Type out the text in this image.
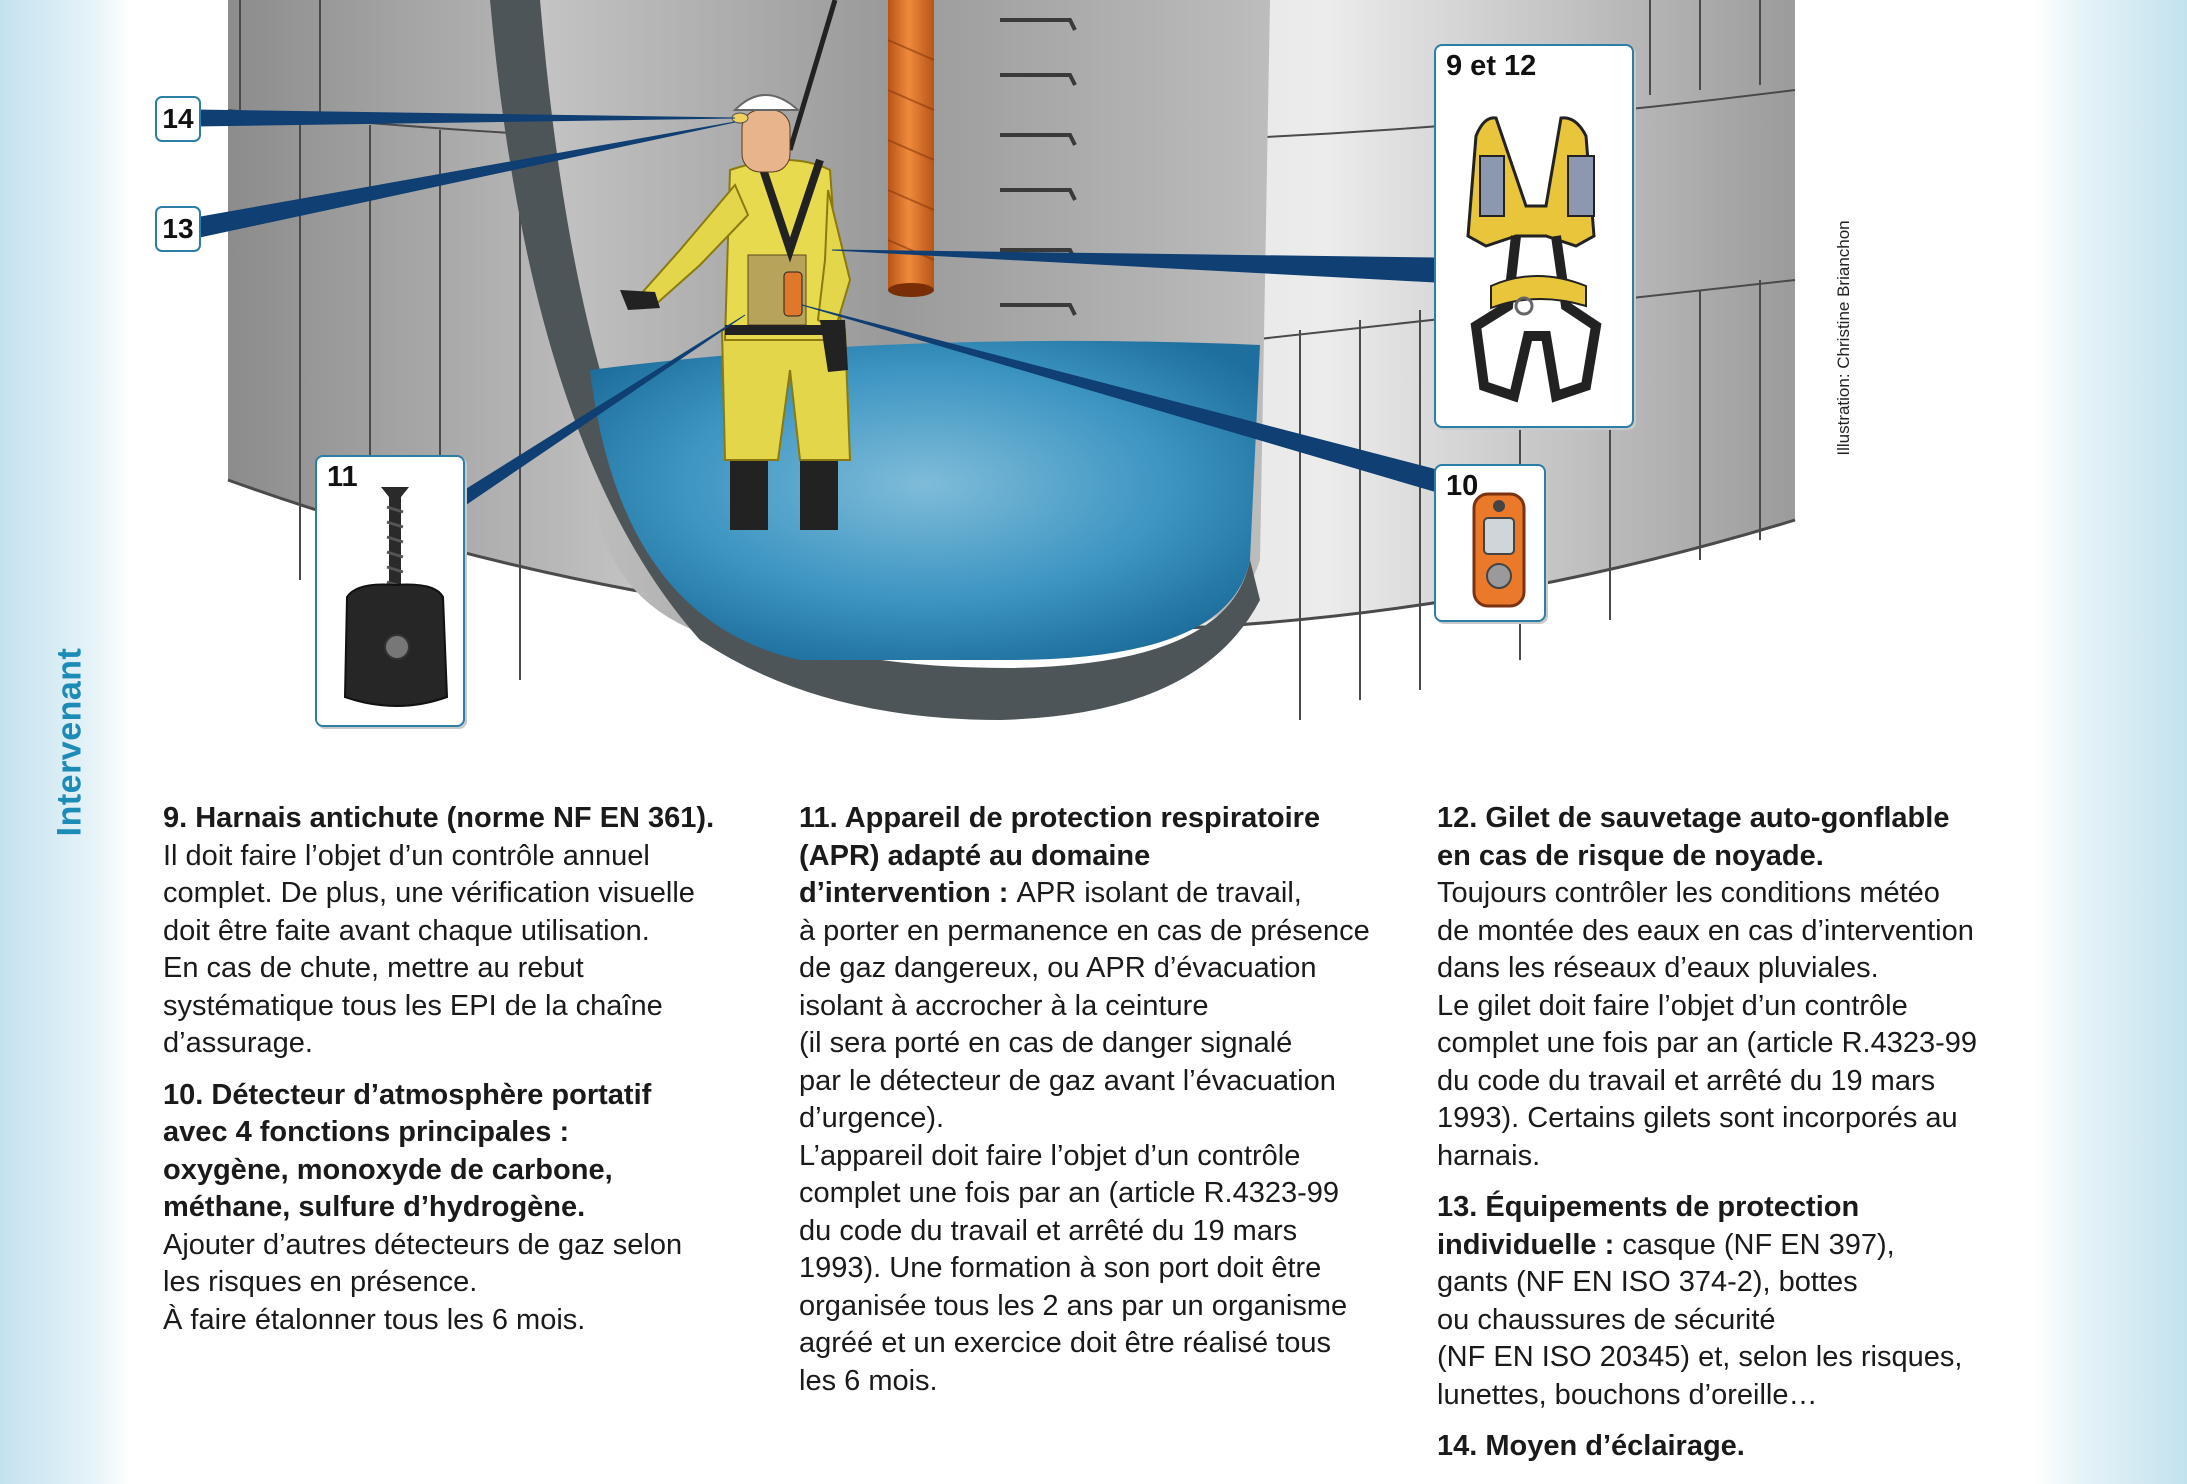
Intervenant
9 et 12
10
11
14
13	Illustration: Christine Brianchon

9. Harnais antichute (norme NF EN 361).
Il doit faire l’objet d’un contrôle annuel
complet. De plus, une vérification visuelle
doit être faite avant chaque utilisation.
En cas de chute, mettre au rebut
systématique tous les EPI de la chaîne
d’assurage.

10. Détecteur d’atmosphère portatif
avec 4 fonctions principales :
oxygène, monoxyde de carbone,
méthane, sulfure d’hydrogène.
Ajouter d’autres détecteurs de gaz selon
les risques en présence.
À faire étalonner tous les 6 mois.

11. Appareil de protection respiratoire
(APR) adapté au domaine
d’intervention : APR isolant de travail,
à porter en permanence en cas de présence
de gaz dangereux, ou APR d’évacuation
isolant à accrocher à la ceinture
(il sera porté en cas de danger signalé
par le détecteur de gaz avant l’évacuation
d’urgence).
L’appareil doit faire l’objet d’un contrôle
complet une fois par an (article R.4323-99
du code du travail et arrêté du 19 mars
1993). Une formation à son port doit être
organisée tous les 2 ans par un organisme
agréé et un exercice doit être réalisé tous
les 6 mois.

12. Gilet de sauvetage auto-gonflable
en cas de risque de noyade.
Toujours contrôler les conditions météo
de montée des eaux en cas d’intervention
dans les réseaux d’eaux pluviales.
Le gilet doit faire l’objet d’un contrôle
complet une fois par an (article R.4323-99
du code du travail et arrêté du 19 mars
1993). Certains gilets sont incorporés au
harnais.

13. Équipements de protection
individuelle : casque (NF EN 397),
gants (NF EN ISO 374-2), bottes
ou chaussures de sécurité
(NF EN ISO 20345) et, selon les risques,
lunettes, bouchons d’oreille…

14. Moyen d’éclairage.
